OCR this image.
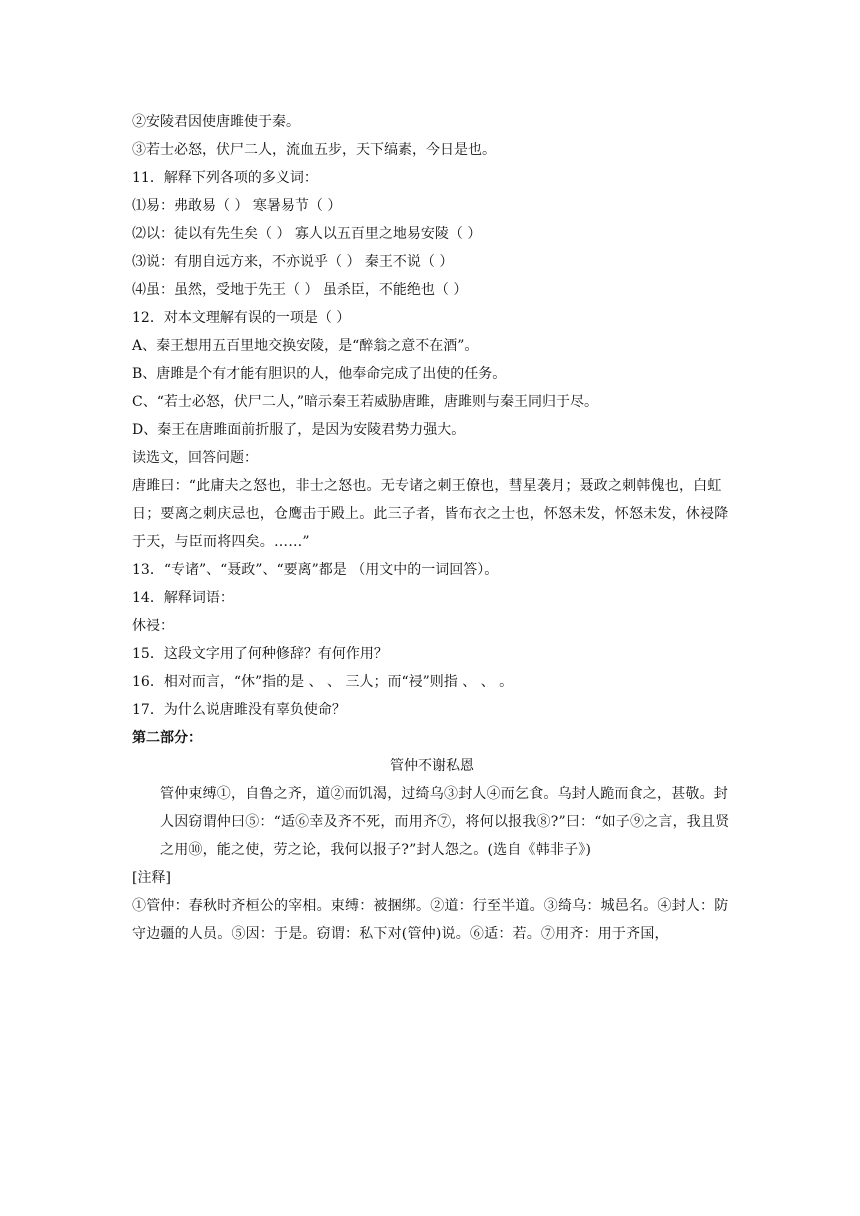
②安陵君因使唐雎使于秦。

③若士必怒，伏尸二人，流血五步，天下缟素，今日是也。

11．解释下列各项的多义词：

⑴易：弗敢易（ ） 寒暑易节（ ）

⑵以：徒以有先生矣（ ） 寡人以五百里之地易安陵（ ）

⑶说：有朋自远方来，不亦说乎（ ） 秦王不说（ ）

⑷虽：虽然，受地于先王（ ） 虽杀臣，不能绝也（ ）

12．对本文理解有误的一项是（ ）

A、秦王想用五百里地交换安陵，是“醉翁之意不在酒”。

B、唐雎是个有才能有胆识的人，他奉命完成了出使的任务。

C、“若士必怒，伏尸二人，”暗示秦王若威胁唐雎，唐雎则与秦王同归于尽。

D、秦王在唐雎面前折服了，是因为安陵君势力强大。

读选文，回答问题：

唐雎曰：“此庸夫之怒也，非士之怒也。无专诸之刺王僚也，彗星袭月；聂政之刺韩傀也，白虹日；要离之刺庆忌也，仓鹰击于殿上。此三子者，皆布衣之士也，怀怒未发，怀怒未发，休祲降于天，与臣而将四矣。……”

13．“专诸”、“聂政”、“要离”都是 （用文中的一词回答）。

14．解释词语：

休祲：

15．这段文字用了何种修辞？有何作用？

16．相对而言，“休”指的是 、 、 三人；而“祲”则指 、 、 。

17．为什么说唐雎没有辜负使命？

第二部分：

管仲不谢私恩

管仲束缚①，自鲁之齐，道②而饥渴，过绮乌③封人④而乞食。乌封人跪而食之，甚敬。封人因窃谓仲曰⑤：“适⑥幸及齐不死，而用齐⑦，将何以报我⑧?”曰：“如子⑨之言，我且贤之用⑩，能之使，劳之论，我何以报子?”封人怨之。(选自《韩非子》)

[注释]

①管仲：春秋时齐桓公的宰相。束缚：被捆绑。②道：行至半道。③绮乌：城邑名。④封人：防守边疆的人员。⑤因：于是。窃谓：私下对(管仲)说。⑥适：若。⑦用齐：用于齐国，
